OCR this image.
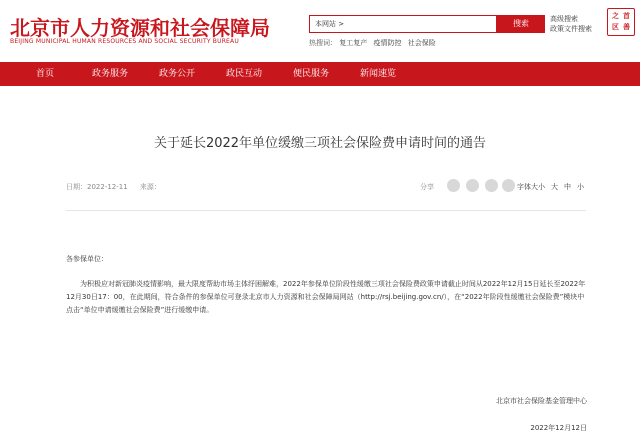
北京市人力资源和社会保障局
BEIJING MUNICIPAL HUMAN RESOURCES AND SOCIAL SECURITY BUREAU
本网站 >	搜索	高级搜索
政策文件搜索
热搜词： 复工复产 疫情防控 社会保险
首
善
之
区
首页	政务服务	政务公开	政民互动	便民服务	新闻速览
关于延长2022年单位缓缴三项社会保险费申请时间的通告
日期：2022-12-11 来源：	分享	字体大小 大 中 小
各参保单位：
为积极应对新冠肺炎疫情影响，最大限度帮助市场主体纾困解难，2022年参保单位阶段性缓缴三项社会保险费政策申请截止时间从2022年12月15日延长至2022年12月30日17：00，在此期间，符合条件的参保单位可登录北京市人力资源和社会保障局网站（http://rsj.beijing.gov.cn/），在“2022年阶段性缓缴社会保险费”模块中点击“单位申请缓缴社会保险费”进行缓缴申请。
北京市社会保险基金管理中心
2022年12月12日
